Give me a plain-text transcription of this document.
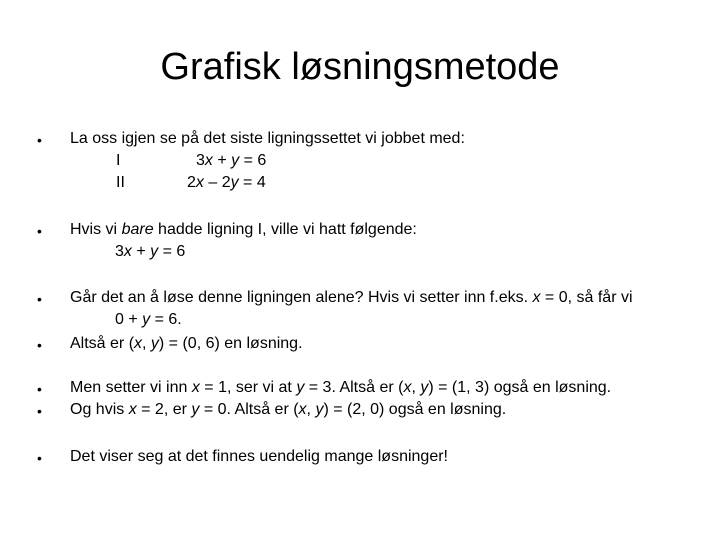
Grafisk løsningsmetode
• La oss igjen se på det siste ligningssettet vi jobbet med:
I	3x + y = 6
II	2x – 2y = 4
• Hvis vi bare hadde ligning I, ville vi hatt følgende:
3x + y = 6
• Går det an å løse denne ligningen alene? Hvis vi setter inn f.eks. x = 0, så får vi
0 + y = 6.
• Altså er (x, y) = (0, 6) en løsning.
• Men setter vi inn x = 1, ser vi at y = 3. Altså er (x, y) = (1, 3) også en løsning.
• Og hvis x = 2, er y = 0. Altså er (x, y) = (2, 0) også en løsning.
• Det viser seg at det finnes uendelig mange løsninger!
